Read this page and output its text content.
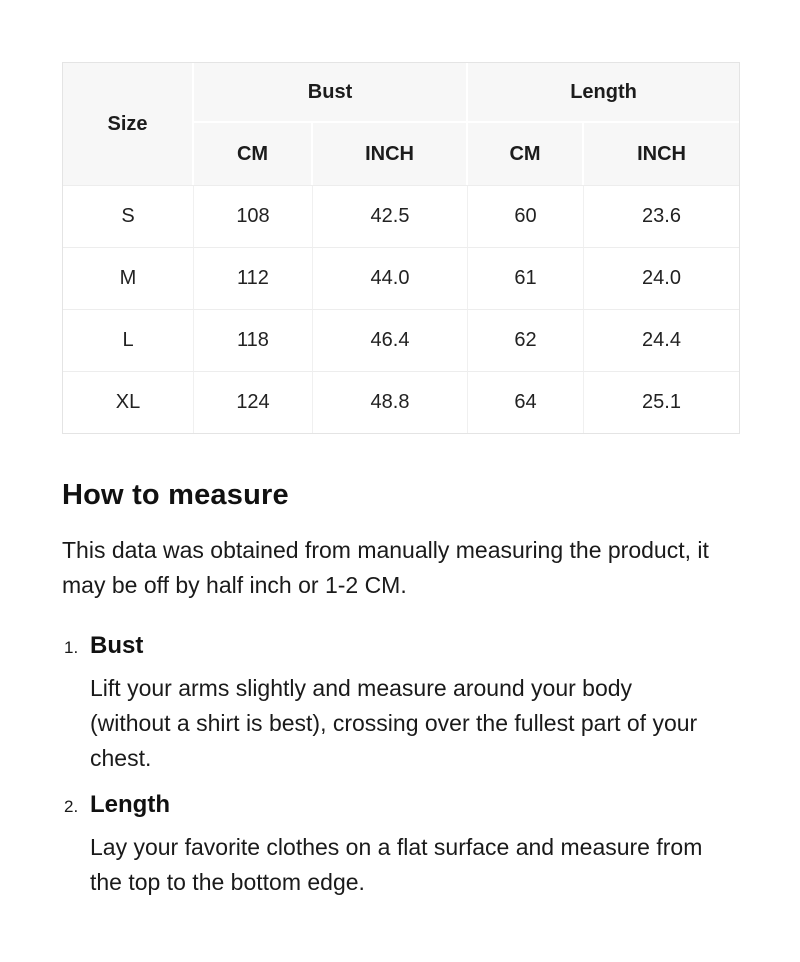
Size	Bust		Length	
	CM	INCH	CM	INCH
S	108	42.5	60	23.6
M	112	44.0	61	24.0
L	118	46.4	62	24.4
XL	124	48.8	64	25.1
How to measure

This data was obtained from manually measuring the product, it may be off by half inch or 1-2 CM.

1. Bust

Lift your arms slightly and measure around your body (without a shirt is best), crossing over the fullest part of your chest.

2. Length

Lay your favorite clothes on a flat surface and measure from the top to the bottom edge.
